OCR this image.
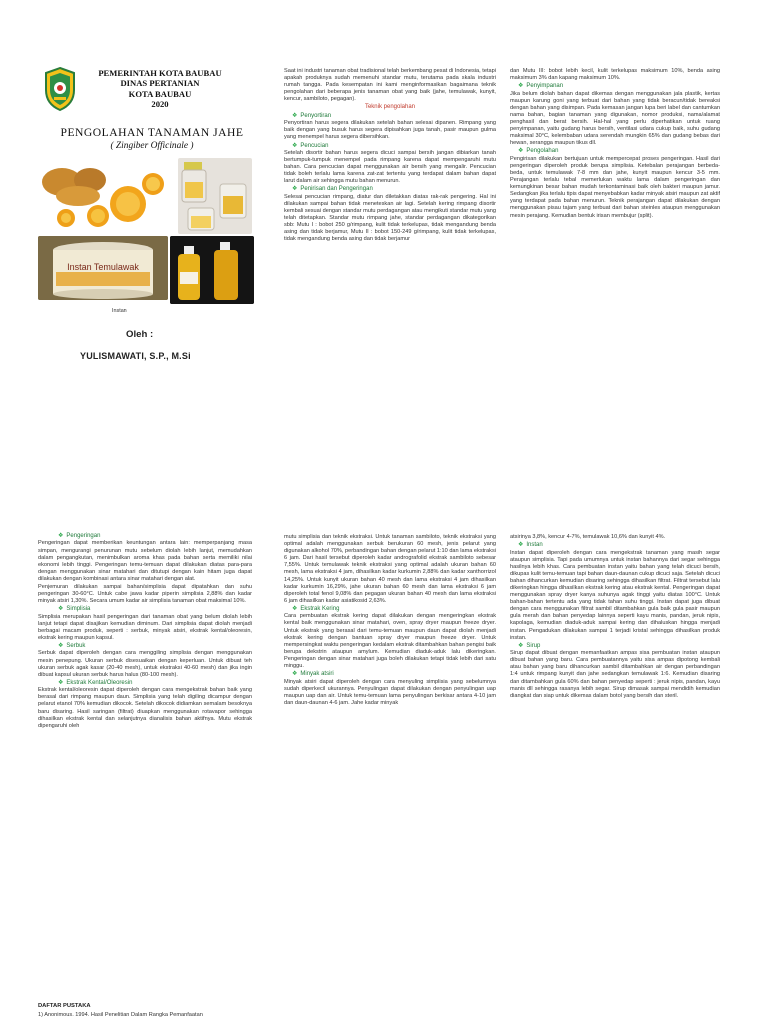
PEMERINTAH KOTA BAUBAU
DINAS PERTANIAN
KOTA BAUBAU
2020
PENGOLAHAN TANAMAN JAHE
( Zingiber Officinale )
Instan Temulawak
Instan
Oleh :
YULISMAWATI, S.P., M.Si

Saat ini industri tanaman obat tradisional telah berkembang pesat di Indonesia, tetapi apakah produknya sudah memenuhi standar mutu, terutama pada skala industri rumah tangga. Pada kesempatan ini kami menginformasikan bagaimana teknik pengolahan dari beberapa jenis tanaman obat yang baik (jahe, temulawak, kunyit, kencur, sambiloto, pegagan).

Teknik pengolahan
❖ Penyortiran

Penyortiran harus segera dilakukan setelah bahan selesai dipanen. Rimpang yang baik dengan yang busuk harus segera dipisahkan juga tanah, pasir maupun gulma yang menempel harus segera dibersihkan.

❖ Pencucian

Setelah disortir bahan harus segera dicuci sampai bersih jangan dibiarkan tanah bertumpuk-tumpuk menempel pada rimpang karena dapat mempengaruhi mutu bahan. Cara pencucian dapat menggunakan air bersih yang mengalir. Pencucian tidak boleh terlalu lama karena zat-zat tertentu yang terdapat dalam bahan dapat larut dalam air sehingga mutu bahan menurun.

❖ Penirisan dan Pengeringan

Selesai pencucian rimpang, diatur dan diletakkan diatas rak-rak pengering. Hal ini dilakukan sampai bahan tidak meneteskan air lagi. Setelah kering rimpang disortir kembali sesuai dengan standar mutu perdagangan atau mengikuti standar mutu yang telah ditetapkan. Standar mutu rimpang jahe, standar perdagangan dikategorikan sbb: Mutu I : bobot 250 g/rimpang, kulit tidak terkelupas, tidak mengandung benda asing dan tidak berjamur, Mutu II : bobot 150-249 g/rimpang, kulit tidak terkelupas, tidak mengandung benda asing dan tidak berjamur

dan Mutu III: bobot lebih kecil, kulit terkelupas maksimum 10%, benda asing maksimum 3% dan kapang maksimum 10%.

❖ Penyimpanan

Jika belum diolah bahan dapat dikemas dengan menggunakan jala plastik, kertas maupun karung goni yang terbuat dari bahan yang tidak beracun/tidak bereaksi dengan bahan yang disimpan. Pada kemasan jangan lupa beri label dan cantumkan nama bahan, bagian tanaman yang digunakan, nomor produksi, nama/alamat penghasil dan berat bersih. Hal-hal yang perlu diperhatikan untuk ruang penyimpanan, yaitu gudang harus bersih, ventilasi udara cukup baik, suhu gudang maksimal 30°C, kelembaban udara serendah mungkin 65% dan gudang bebas dari hewan, serangga maupun tikus dll.

❖ Pengolahan

Pengirisan dilakukan bertujuan untuk mempercepat proses pengeringan. Hasil dari pengeringan diperoleh produk berupa simplisia. Ketebalan perajangan berbeda-beda, untuk temulawak 7-8 mm dan jahe, kunyit maupun kencur 3-5 mm. Perajangan terlalu tebal memerlukan waktu lama dalam pengeringan dan kemungkinan besar bahan mudah terkontaminasi baik oleh bakteri maupun jamur. Sedangkan jika terlalu tipis dapat menyebabkan kadar minyak atsiri maupun zat aktif yang terdapat pada bahan menurun. Teknik perajangan dapat dilakukan dengan menggunakan pisau tajam yang terbuat dari bahan steinles ataupun menggunakan mesin perajang. Kemudian bentuk irisan membujur (split).

❖ Pengeringan

Pengeringan dapat memberikan keuntungan antara lain: memperpanjang masa simpan, mengurangi penurunan mutu sebelum diolah lebih lanjut, memudahkan dalam pengangkutan, menimbulkan aroma khas pada bahan serta memiliki nilai ekonomi lebih tinggi. Pengeringan temu-temuan dapat dilakukan diatas para-para dengan menggunakan sinar matahari dan ditutupi dengan kain hitam juga dapat dilakukan dengan kombinasi antara sinar matahari dengan alat.

Penjemuran dilakukan sampai bahan/simplisia dapat dipatahkan dan suhu pengeringan 30-60°C. Untuk cabe jawa kadar piperin simplisia 2,88% dan kadar minyak atsiri 1,30%. Secara umum kadar air simplisia tanaman obat maksimal 10%.

❖ Simplisia

Simplisia merupakan hasil pengeringan dari tanaman obat yang belum diolah lebih lanjut tetapi dapat disajikan kemudian diminum. Dari simplisia dapat diolah menjadi berbagai macam produk, seperti : serbuk, minyak atsiri, ekstrak kental/oleoresin, ekstrak kering maupun kapsul.

❖ Serbuk

Serbuk dapat diperoleh dengan cara menggiling simplisia dengan menggunakan mesin penepung. Ukuran serbuk disesuaikan dengan keperluan. Untuk dibuat teh ukuran serbuk agak kasar (20-40 mesh), untuk ekstraksi 40-60 mesh) dan jika ingin dibuat kapsul ukuran serbuk harus halus (80-100 mesh).

❖ Ekstrak Kental/Oleoresin

Ekstrak kental/oleoresin dapat diperoleh dengan cara mengekstrak bahan baik yang berasal dari rimpang maupun daun. Simplisia yang telah digiling dicampur dengan pelarut etanol 70% kemudian dikocok. Setelah dikocok didiamkan semalam besoknya baru disaring. Hasil saringan (filtrat) diuapkan menggunakan rotavapor sehingga dihasilkan ekstrak kental dan selanjutnya dianalisis bahan aktifnya. Mutu ekstrak dipengaruhi oleh

mutu simplisia dan teknik ekstraksi. Untuk tanaman sambiloto, teknik ekstraksi yang optimal adalah menggunakan serbuk berukuran 60 mesh, jenis pelarut yang digunakan alkohol 70%, perbandingan bahan dengan pelarut 1:10 dan lama ekstraksi 6 jam. Dari hasil tersebut diperoleh kadar andrografolid ekstrak sambiloto sebesar 7,55%. Untuk temulawak teknik ekstraksi yang optimal adalah ukuran bahan 60 mesh, lama ekstraksi 4 jam, dihasilkan kadar kurkumin 2,88% dan kadar xanthorrizol 14,25%. Untuk kunyit ukuran bahan 40 mesh dan lama ekstraksi 4 jam dihasilkan kadar kurkumin 16,29%, jahe ukuran bahan 60 mesh dan lama ekstraksi 6 jam diperoleh total fenol 9,08% dan pegagan ukuran bahan 40 mesh dan lama ekstraksi 6 jam dihasilkan kadar asiatikosid 2,63%.

❖ Ekstrak Kering

Cara pembuatan ekstrak kering dapat dilakukan dengan mengeringkan ekstrak kental baik menggunakan sinar matahari, oven, spray dryer maupun freeze dryer. Untuk ekstrak yang berasal dari temu-temuan maupun daun dapat diolah menjadi ekstrak kering dengan bantuan spray dryer maupun freeze dryer. Untuk mempersingkat waktu pengeringan kedalam ekstrak ditambahkan bahan pengisi baik berupa dekstrin ataupun amylum. Kemudian diaduk-aduk lalu dikeringkan. Pengeringan dengan sinar matahari juga boleh dilakukan tetapi tidak lebih dari satu minggu.

❖ Minyak atsiri

Minyak atsiri dapat diperoleh dengan cara menyuling simplisia yang sebelumnya sudah diperkecil ukurannya. Penyulingan dapat dilakukan dengan penyulingan uap maupun uap dan air. Untuk temu-temuan lama penyulingan berkisar antara 4-10 jam dan daun-daunan 4-6 jam. Jahe kadar minyak

atsirinya 3,8%, kencur 4-7%, temulawak 10,6% dan kunyit 4%.

❖ Instan

Instan dapat diperoleh dengan cara mengekstrak tanaman yang masih segar ataupun simplisia. Tapi pada umumnya untuk instan bahannya dari segar sehingga hasilnya lebih khas. Cara pembuatan instan yaitu bahan yang telah dicuci bersih, dikupas kulit temu-temuan tapi bahan daun-daunan cukup dicuci saja. Setelah dicuci bahan dihancurkan kemudian disaring sehingga dihasilkan filtrat. Filtrat tersebut lalu dikeringkan hingga dihasilkan ekstrak kering atau ekstrak kental. Pengeringan dapat menggunakan spray dryer kanya suhunya agak tinggi yaitu diatas 100°C. Untuk bahan-bahan tertentu ada yang tidak tahan suhu tinggi. Instan dapat juga dibuat dengan cara menggunakan filtrat sambil ditambahkan gula baik gula pasir maupun gula merah dan bahan penyedap lainnya seperti kayu manis, pandan, jeruk nipis, kapolaga, kemudian diaduk-aduk sampai kering dan dihaluskan hingga menjadi instan. Pengadukan dilakukan sampai 1 terjadi kristal sehingga dihasilkan produk instan.

❖ Sirup

Sirup dapat dibuat dengan memanfaatkan ampas sisa pembuatan instan ataupun dibuat bahan yang baru. Cara pembuatannya yaitu sisa ampas dipotong kembali atau bahan yang baru dihancurkan sambil ditambahkan air dengan perbandingan 1:4 untuk rimpang kunyit dan jahe sedangkan temulawak 1:6. Kemudian disaring dan ditambahkan gula 60% dan bahan penyedap seperti : jeruk nipis, pandan, kayu manis dll sehingga rasanya lebih segar. Sirup dimasak sampai mendidih kemudian diangkat dan siap untuk dikemas dalam botol yang bersih dan steril.

DAFTAR PUSTAKA
1) Anonimous. 1994. Hasil Penelitian Dalam Rangka Pemanfaatan
